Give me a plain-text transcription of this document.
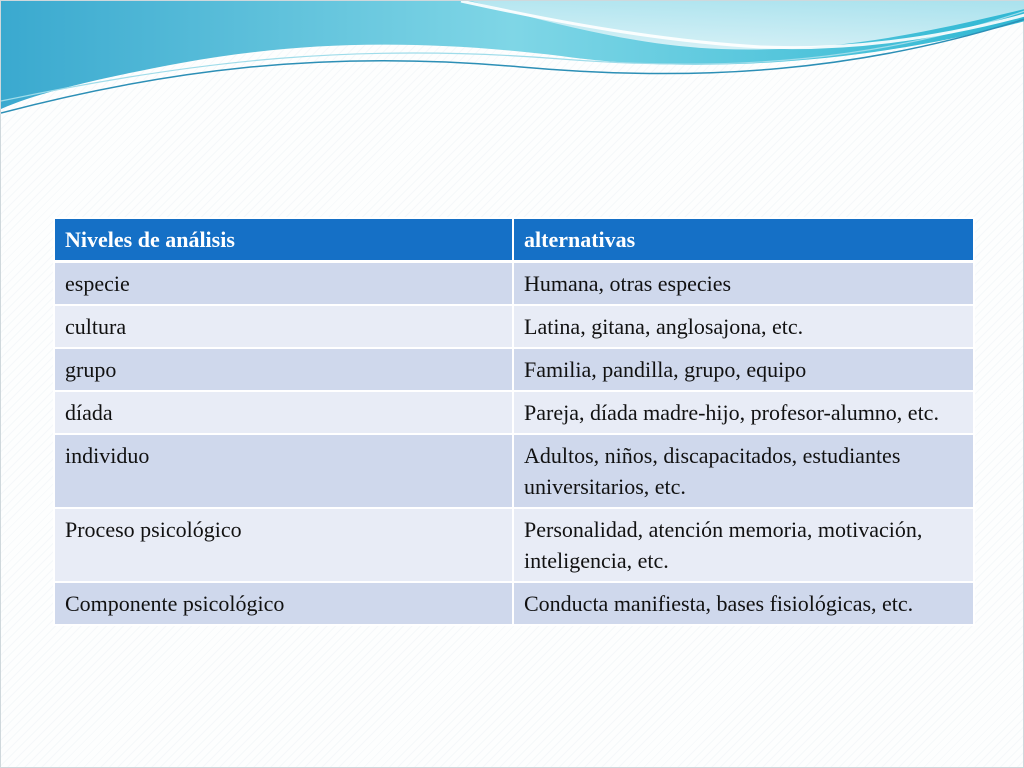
Niveles de análisis	alternativas
especie	Humana, otras especies
cultura	Latina, gitana, anglosajona, etc.
grupo	Familia, pandilla, grupo, equipo
díada	Pareja, díada madre-hijo, profesor-alumno, etc.
individuo	Adultos, niños, discapacitados, estudiantes universitarios, etc.
Proceso psicológico	Personalidad, atención memoria, motivación, inteligencia, etc.
Componente psicológico	Conducta manifiesta, bases fisiológicas, etc.
